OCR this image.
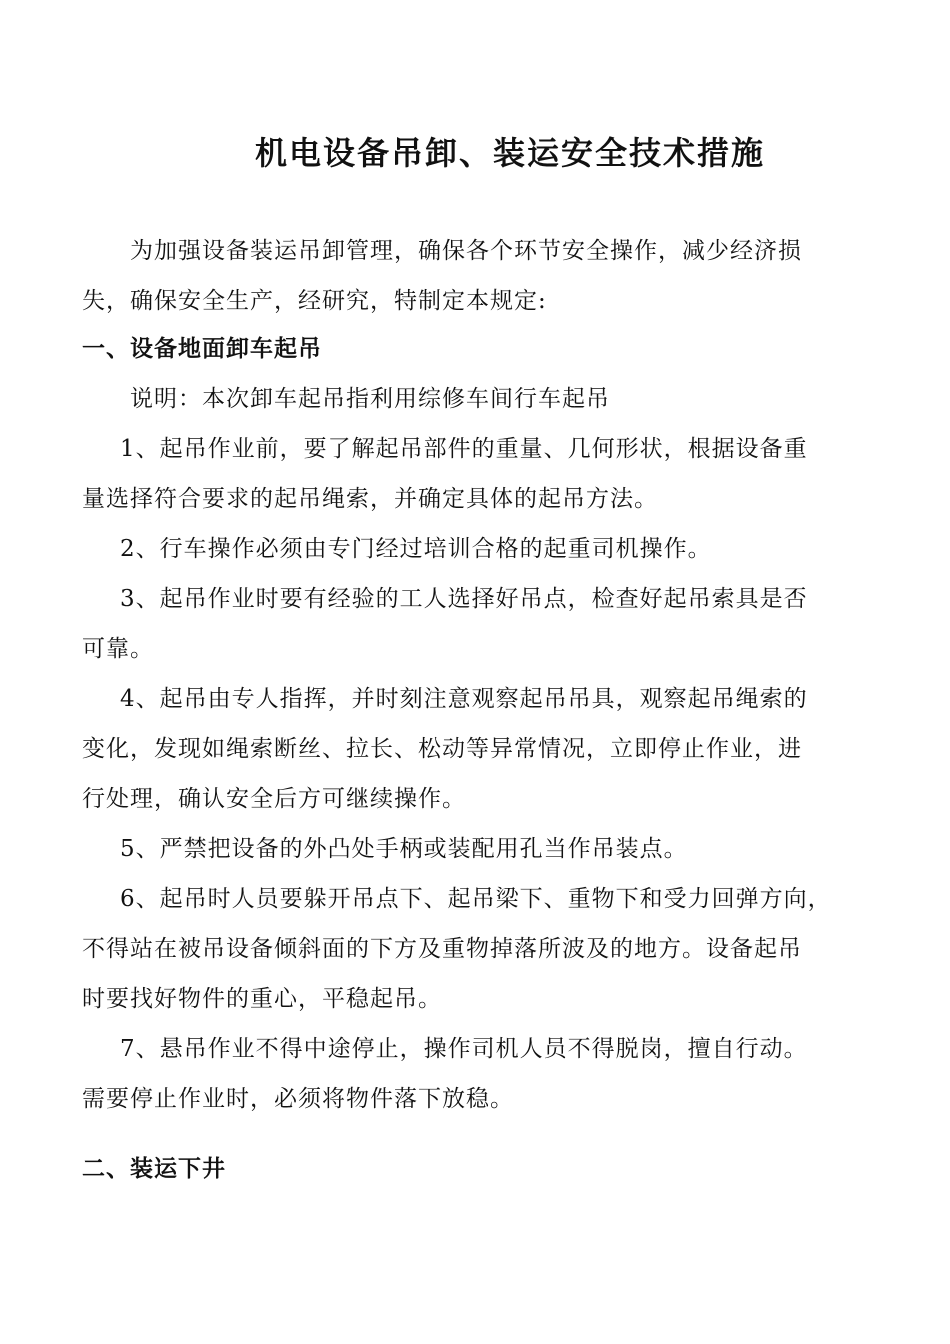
机电设备吊卸、装运安全技术措施
为加强设备装运吊卸管理，确保各个环节安全操作，减少经济损
失，确保安全生产，经研究，特制定本规定:
一、设备地面卸车起吊
说明：本次卸车起吊指利用综修车间行车起吊
1、起吊作业前，要了解起吊部件的重量、几何形状，根据设备重
量选择符合要求的起吊绳索，并确定具体的起吊方法。
2、行车操作必须由专门经过培训合格的起重司机操作。
3、起吊作业时要有经验的工人选择好吊点，检查好起吊索具是否
可靠。
4、起吊由专人指挥，并时刻注意观察起吊吊具，观察起吊绳索的
变化，发现如绳索断丝、拉长、松动等异常情况，立即停止作业，进
行处理，确认安全后方可继续操作。
5、严禁把设备的外凸处手柄或装配用孔当作吊装点。
6、起吊时人员要躲开吊点下、起吊梁下、重物下和受力回弹方向，
不得站在被吊设备倾斜面的下方及重物掉落所波及的地方。设备起吊
时要找好物件的重心，平稳起吊。
7、悬吊作业不得中途停止，操作司机人员不得脱岗，擅自行动。
需要停止作业时，必须将物件落下放稳。
二、装运下井
